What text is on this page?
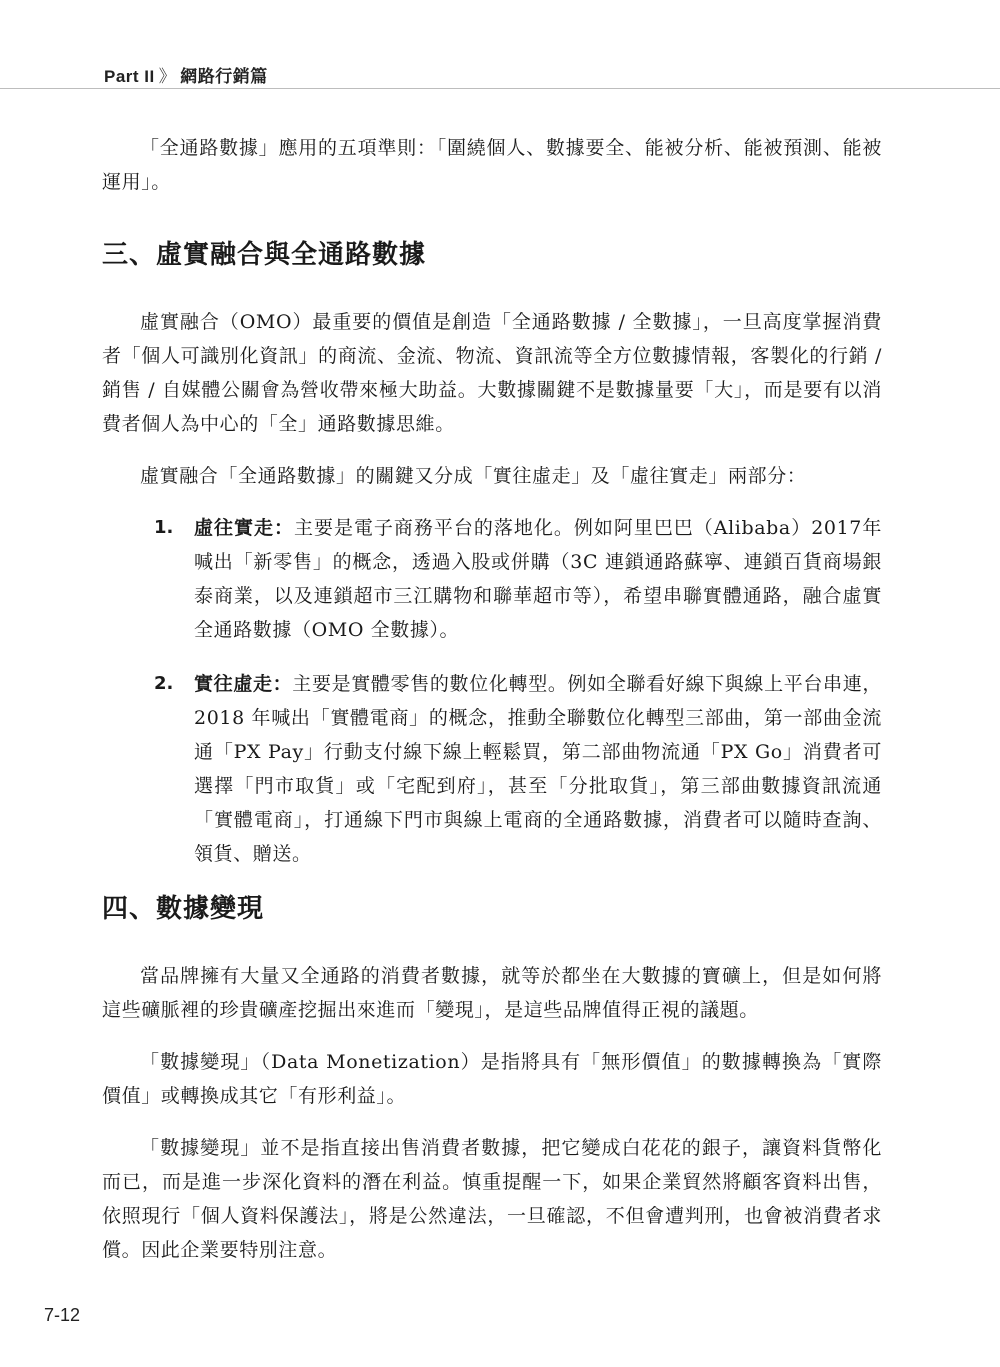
Part II 》 網路行銷篇

「全通路數據」應用的五項準則：「圍繞個人、數據要全、能被分析、能被預測、能被運用」。

三、虛實融合與全通路數據

虛實融合（OMO）最重要的價值是創造「全通路數據 / 全數據」，一旦高度掌握消費者「個人可識別化資訊」的商流、金流、物流、資訊流等全方位數據情報，客製化的行銷 / 銷售 / 自媒體公關會為營收帶來極大助益。大數據關鍵不是數據量要「大」，而是要有以消費者個人為中心的「全」通路數據思維。

虛實融合「全通路數據」的關鍵又分成「實往虛走」及「虛往實走」兩部分：

1. 虛往實走：主要是電子商務平台的落地化。例如阿里巴巴（Alibaba）2017年喊出「新零售」的概念，透過入股或併購（3C 連鎖通路蘇寧、連鎖百貨商場銀泰商業，以及連鎖超市三江購物和聯華超市等），希望串聯實體通路，融合虛實全通路數據（OMO 全數據）。

2. 實往虛走：主要是實體零售的數位化轉型。例如全聯看好線下與線上平台串連，2018 年喊出「實體電商」的概念，推動全聯數位化轉型三部曲，第一部曲金流通「PX Pay」行動支付線下線上輕鬆買，第二部曲物流通「PX Go」消費者可選擇「門市取貨」或「宅配到府」，甚至「分批取貨」，第三部曲數據資訊流通「實體電商」，打通線下門市與線上電商的全通路數據，消費者可以隨時查詢、領貨、贈送。

四、數據變現

當品牌擁有大量又全通路的消費者數據，就等於都坐在大數據的寶礦上，但是如何將這些礦脈裡的珍貴礦產挖掘出來進而「變現」，是這些品牌值得正視的議題。

「數據變現」（Data Monetization）是指將具有「無形價值」的數據轉換為「實際價值」或轉換成其它「有形利益」。

「數據變現」並不是指直接出售消費者數據，把它變成白花花的銀子，讓資料貨幣化而已，而是進一步深化資料的潛在利益。慎重提醒一下，如果企業貿然將顧客資料出售，依照現行「個人資料保護法」，將是公然違法，一旦確認，不但會遭判刑，也會被消費者求償。因此企業要特別注意。

7-12
